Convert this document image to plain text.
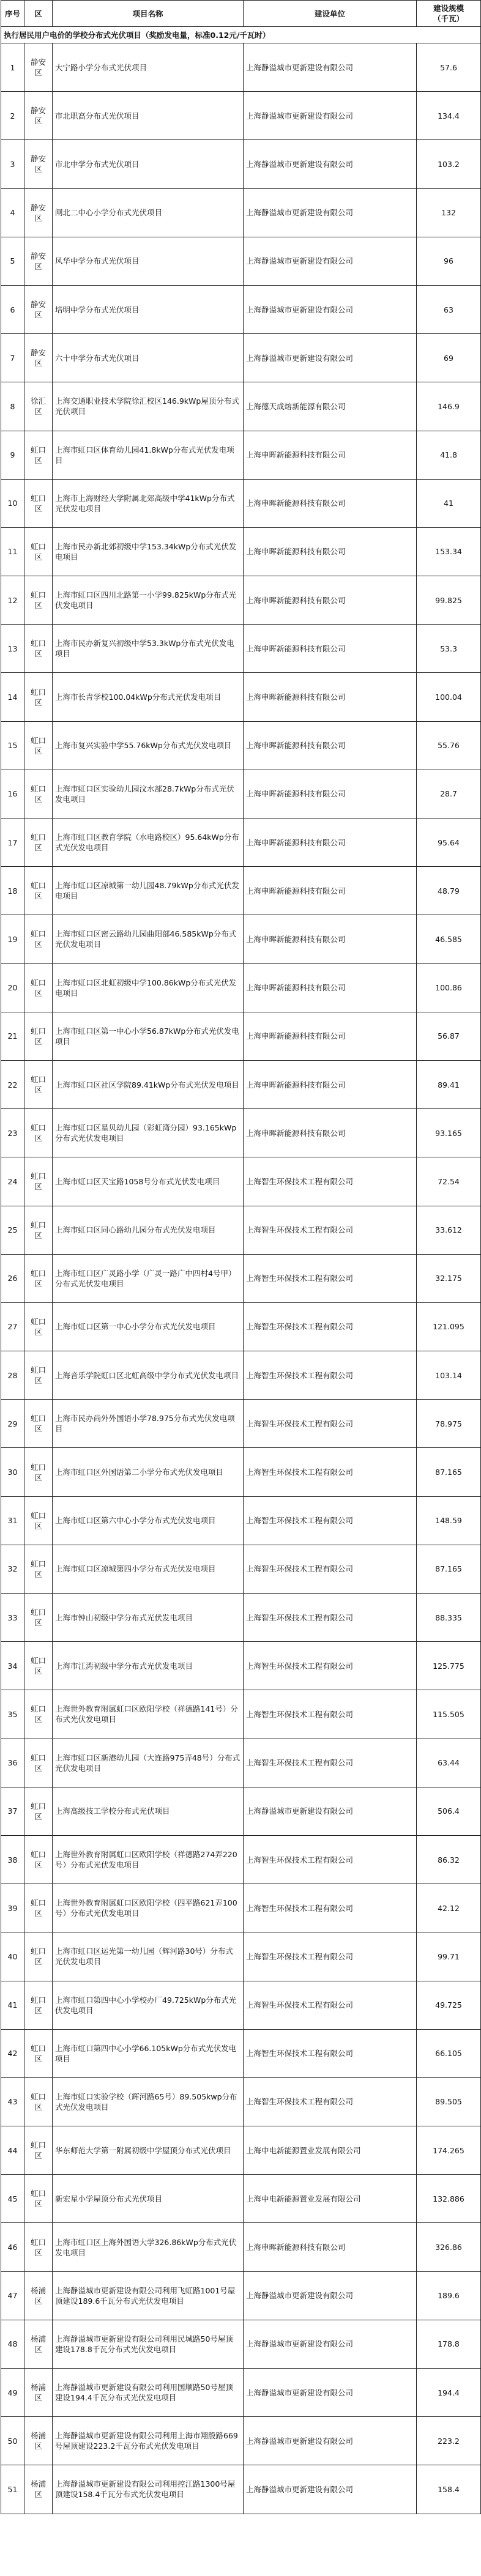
序号	区	项目名称	建设单位	建设规模
（千瓦）
执行居民用户电价的学校分布式光伏项目（奖励发电量，标准0.12元/千瓦时）				
1	静安区	大宁路小学分布式光伏项目	上海静溢城市更新建设有限公司	57.6
2	静安区	市北职高分布式光伏项目	上海静溢城市更新建设有限公司	134.4
3	静安区	市北中学分布式光伏项目	上海静溢城市更新建设有限公司	103.2
4	静安区	闸北二中心小学分布式光伏项目	上海静溢城市更新建设有限公司	132
5	静安区	风华中学分布式光伏项目	上海静溢城市更新建设有限公司	96
6	静安区	培明中学分布式光伏项目	上海静溢城市更新建设有限公司	63
7	静安区	六十中学分布式光伏项目	上海静溢城市更新建设有限公司	69
8	徐汇区	上海交通职业技术学院徐汇校区146.9kWp屋顶分布式光伏项目	上海德天成熔新能源有限公司	146.9
9	虹口区	上海市虹口区体育幼儿园41.8kWp分布式光伏发电项目	上海申晖新能源科技有限公司	41.8
10	虹口区	上海市上海财经大学附属北郊高级中学41kWp分布式光伏发电项目	上海申晖新能源科技有限公司	41
11	虹口区	上海市民办新北郊初级中学153.34kWp分布式光伏发电项目	上海申晖新能源科技有限公司	153.34
12	虹口区	上海市虹口区四川北路第一小学99.825kWp分布式光伏发电项目	上海申晖新能源科技有限公司	99.825
13	虹口区	上海市民办新复兴初级中学53.3kWp分布式光伏发电项目	上海申晖新能源科技有限公司	53.3
14	虹口区	上海市长青学校100.04kWp分布式光伏发电项目	上海申晖新能源科技有限公司	100.04
15	虹口区	上海市复兴实验中学55.76kWp分布式光伏发电项目	上海申晖新能源科技有限公司	55.76
16	虹口区	上海市虹口区实验幼儿园汶水部28.7kWp分布式光伏发电项目	上海申晖新能源科技有限公司	28.7
17	虹口区	上海市虹口区教育学院（水电路校区）95.64kWp分布式光伏发电项目	上海申晖新能源科技有限公司	95.64
18	虹口区	上海市虹口区凉城第一幼儿园48.79kWp分布式光伏发电项目	上海申晖新能源科技有限公司	48.79
19	虹口区	上海市虹口区密云路幼儿园曲阳部46.585kWp分布式光伏发电项目	上海申晖新能源科技有限公司	46.585
20	虹口区	上海市虹口区北虹初级中学100.86kWp分布式光伏发电项目	上海申晖新能源科技有限公司	100.86
21	虹口区	上海市虹口区第一中心小学56.87kWp分布式光伏发电项目	上海申晖新能源科技有限公司	56.87
22	虹口区	上海市虹口区社区学院89.41kWp分布式光伏发电项目	上海申晖新能源科技有限公司	89.41
23	虹口区	上海市虹口区星贝幼儿园（彩虹湾分园）93.165kWp分布式光伏发电项目	上海申晖新能源科技有限公司	93.165
24	虹口区	上海市虹口区天宝路1058号分布式光伏发电项目	上海智生环保技术工程有限公司	72.54
25	虹口区	上海市虹口区同心路幼儿园分布式光伏发电项目	上海智生环保技术工程有限公司	33.612
26	虹口区	上海市虹口区广灵路小学（广灵一路广中四村4号甲）分布式光伏发电项目	上海智生环保技术工程有限公司	32.175
27	虹口区	上海市虹口区第一中心小学分布式光伏发电项目	上海智生环保技术工程有限公司	121.095
28	虹口区	上海音乐学院虹口区北虹高级中学分布式光伏发电项目	上海智生环保技术工程有限公司	103.14
29	虹口区	上海市民办尚外外国语小学78.975分布式光伏发电项目	上海智生环保技术工程有限公司	78.975
30	虹口区	上海市虹口区外国语第二小学分布式光伏发电项目	上海智生环保技术工程有限公司	87.165
31	虹口区	上海市虹口区第六中心小学分布式光伏发电项目	上海智生环保技术工程有限公司	148.59
32	虹口区	上海市虹口区凉城第四小学分布式光伏发电项目	上海智生环保技术工程有限公司	87.165
33	虹口区	上海市钟山初级中学分布式光伏发电项目	上海智生环保技术工程有限公司	88.335
34	虹口区	上海市江湾初级中学分布式光伏发电项目	上海智生环保技术工程有限公司	125.775
35	虹口区	上海世外教育附属虹口区欧阳学校（祥德路141号）分布式光伏发电项目	上海智生环保技术工程有限公司	115.505
36	虹口区	上海市虹口区新港幼儿园（大连路975弄48号）分布式光伏发电项目	上海智生环保技术工程有限公司	63.44
37	虹口区	上海高级技工学校分布式光伏项目	上海静溢城市更新建设有限公司	506.4
38	虹口区	上海世外教育附属虹口区欧阳学校（祥德路274弄220号）分布式光伏发电项目	上海智生环保技术工程有限公司	86.32
39	虹口区	上海世外教育附属虹口区欧阳学校（四平路621弄100号）分布式光伏发电项目	上海智生环保技术工程有限公司	42.12
40	虹口区	上海市虹口区运光第一幼儿园（辉河路30号）分布式光伏发电项目	上海智生环保技术工程有限公司	99.71
41	虹口区	上海市虹口第四中心小学校办厂49.725kWp分布式光伏发电项目	上海智生环保技术工程有限公司	49.725
42	虹口区	上海市虹口第四中心小学66.105kWp分布式光伏发电项目	上海智生环保技术工程有限公司	66.105
43	虹口区	上海市虹口实验学校（辉河路65号）89.505kwp分布式光伏发电项目	上海智生环保技术工程有限公司	89.505
44	虹口区	华东师范大学第一附属初级中学屋顶分布式光伏项目	上海中电新能源置业发展有限公司	174.265
45	虹口区	新宏星小学屋顶分布式光伏项目	上海中电新能源置业发展有限公司	132.886
46	虹口区	上海市虹口区上海外国语大学326.86kWp分布式光伏发电项目	上海申晖新能源科技有限公司	326.86
47	杨浦区	上海静溢城市更新建设有限公司利用飞虹路1001号屋顶建设189.6千瓦分布式光伏发电项目	上海静溢城市更新建设有限公司	189.6
48	杨浦区	上海静溢城市更新建设有限公司利用民城路50号屋顶建设178.8千瓦分布式光伏发电项目	上海静溢城市更新建设有限公司	178.8
49	杨浦区	上海静溢城市更新建设有限公司利用国顺路50号屋顶建设194.4千瓦分布式光伏发电项目	上海静溢城市更新建设有限公司	194.4
50	杨浦区	上海静溢城市更新建设有限公司利用上海市翔殷路669号屋顶建设223.2千瓦分布式光伏发电项目	上海静溢城市更新建设有限公司	223.2
51	杨浦区	上海静溢城市更新建设有限公司利用控江路1300号屋顶建设158.4千瓦分布式光伏发电项目	上海静溢城市更新建设有限公司	158.4
